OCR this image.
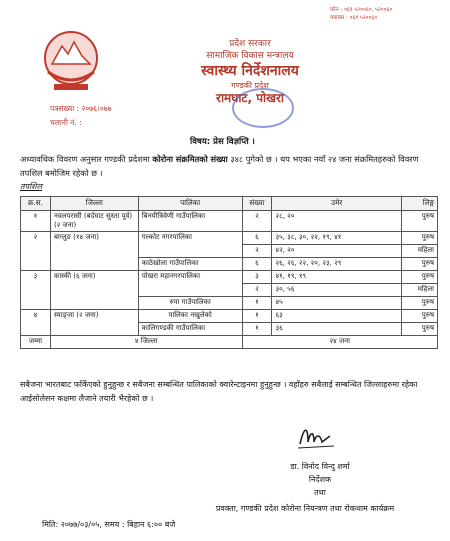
फोन : ०६१ ५२००६०, ५२००६०
फ्याक्स : ०६१ ५२००६०
प्रदेश सरकार
सामाजिक विकास मन्त्रालय
स्वास्थ्य निर्देशनालय
गण्डकी प्रदेश
रामघाट, पोखरा
पत्रसंख्या : २०७६।०७७
चलानी नं. :
विषय: प्रेस विज्ञप्ति ।
अध्यावधिक विवरण अनुसार गण्डकी प्रदेशमा कोरोना संक्रमितको संख्या ३४८ पुगेको छ । थप भएका नयाँ २४ जना संक्रमितहरुको विवरण तपशिल बमोजिम रहेको छ ।
तपशिल
क्र.स.	जिल्ला	पालिका	संख्या	उमेर	लिङ्ग
१	नवलपरासी (बर्दघाट सुस्ता पूर्व) (२ जना)	बिनयीत्रिवेणी गाउँपालिका	२	२८, २०	पुरुष
२	बाग्लुङ (१४ जना)	गल्कोट नगरपालिका	६	३५, ३८, ३०, २२, १९, ४१	पुरुष
			२	४२, २०	महिला
		काठेखोला गाउँपालिका	६	२६, २६, २२, २०, २३, २९	पुरुष
३	कास्की (६ जना)	पोखरा महानगरपालिका	३	४१, १९, १९	पुरुष
			२	३०, ५६	महिला
		रुपा गाउँपालिका	१	४५	पुरुष
४	स्याङ्जा (२ जना)	पालिका नखुलेको	१	६३	पुरुष
		कालिगण्डकी गाउँपालिका	१	३६	पुरुष
जम्मा	४ जिल्ला		२४ जना		
सबैजना भारतबाट फर्किएको हुनुहुन्छ र सबैजना सम्बन्धित पालिकाको क्वारेन्टाइनमा हुनुहुन्छ । वहाँहरु सबैलाई सम्बन्धित जिल्लाहरुमा रहेका आईसोलेसन कक्षमा लैजाने तयारी भैरहेको छ ।
डा. विनोद विन्दु शर्मा
निर्देशक
तथा
प्रवक्ता, गण्डकी प्रदेश कोरोना नियन्त्रण तथा रोकथाम कार्यक्रम
मिति: २०७७/०३/०५, समय : बिहान ६:०० बजे
